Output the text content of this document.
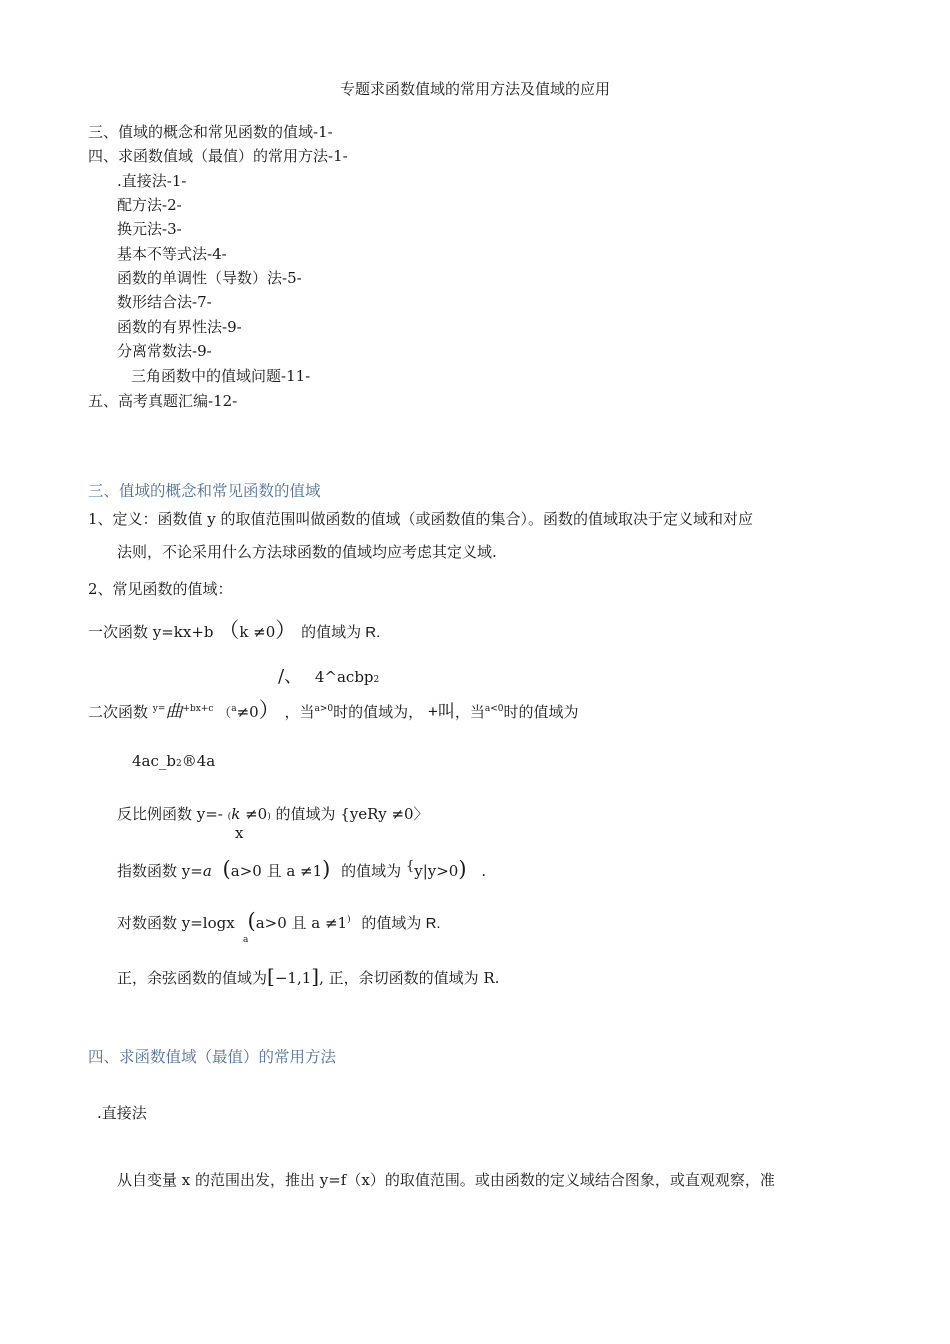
专题求函数值域的常用方法及值域的应用
三、值域的概念和常见函数的值域-1-
四、求函数值域（最值）的常用方法-1-
.直接法-1-
配方法-2-
换元法-3-
基本不等式法-4-
函数的单调性（导数）法-5-
数形结合法-7-
函数的有界性法-9-
分离常数法-9-
三角函数中的值域问题-11-
五、高考真题汇编-12-
三、值域的概念和常见函数的值域
1、定义：函数值 y 的取值范围叫做函数的值域（或函数值的集合）。函数的值域取决于定义域和对应
法则，不论采用什么方法球函数的值域均应考虑其定义域.
2、常见函数的值域：
一次函数 y=kx+b （k ≠0） 的值域为 R.
/、 4^acbp2
二次函数 $^{y=}$曲$^{+bx+c}$ （$^a$≠0） ，当$^{a>0}$时的值域为， +叫，当$^{a<0}$时的值域为
4ac_b2®4a
反比例函数 y=- (k ≠0) 的值域为 {yeRy ≠0〉
x
指数函数 y=a (a>0 且 a ≠1) 的值域为 {y|y>0) .
对数函数 y=logx (a>0 且 a ≠1) 的值域为 R.
a
正，余弦函数的值域为[−1,1], 正，余切函数的值域为 R.
四、求函数值域（最值）的常用方法
.直接法
从自变量 x 的范围出发，推出 y=f（x）的取值范围。或由函数的定义域结合图象，或直观观察，准
